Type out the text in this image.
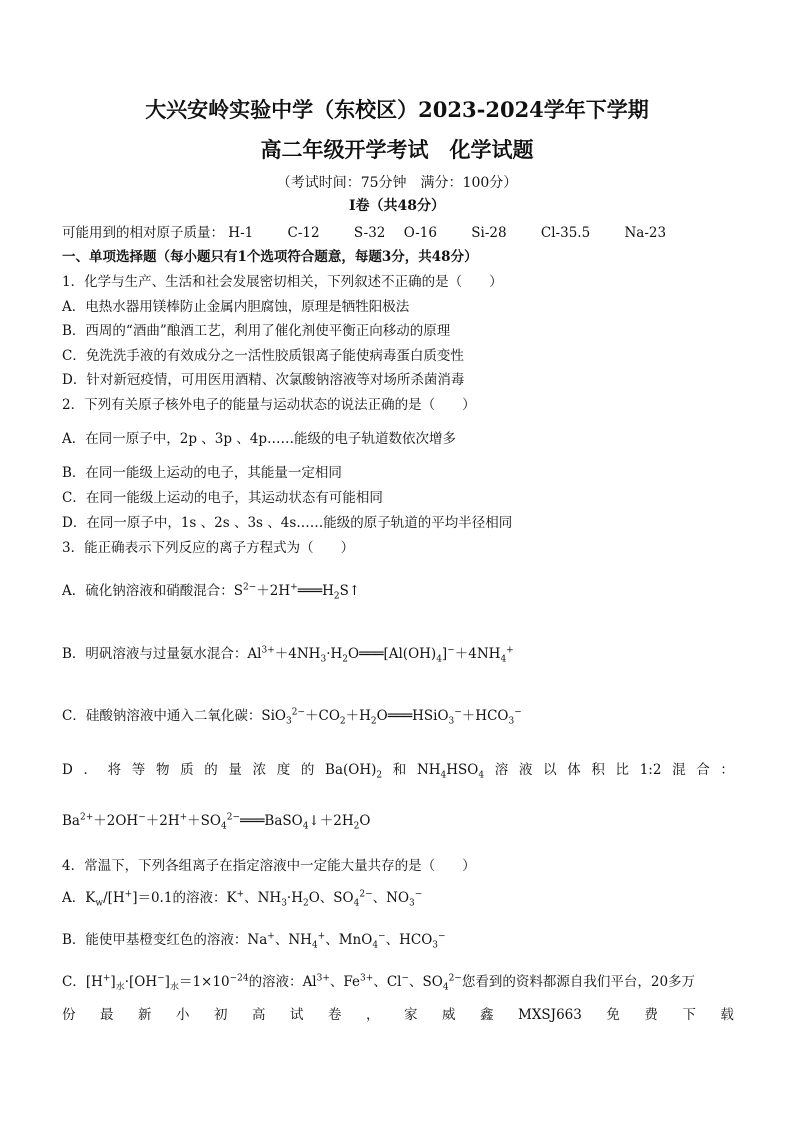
大兴安岭实验中学（东校区）2023-2024学年下学期
高二年级开学考试　化学试题
（考试时间：75分钟　满分：100分）
I卷（共48分）
可能用到的相对原子质量： H-1	C-12	S-32 O-16	Si-28	Cl-35.5	Na-23
一、单项选择题（每小题只有1个选项符合题意，每题3分，共48分）
1．化学与生产、生活和社会发展密切相关，下列叙述不正确的是（　　）
A．电热水器用镁棒防止金属内胆腐蚀，原理是牺牲阳极法
B．西周的“酒曲”酿酒工艺，利用了催化剂使平衡正向移动的原理
C．免洗洗手液的有效成分之一活性胶质银离子能使病毒蛋白质变性
D．针对新冠疫情，可用医用酒精、次氯酸钠溶液等对场所杀菌消毒
2．下列有关原子核外电子的能量与运动状态的说法正确的是（　　）
A．在同一原子中，2p 、3p 、4p……能级的电子轨道数依次增多
B．在同一能级上运动的电子，其能量一定相同
C．在同一能级上运动的电子，其运动状态有可能相同
D．在同一原子中，1s 、2s 、3s 、4s……能级的原子轨道的平均半径相同
3．能正确表示下列反应的离子方程式为（　　）
A．硫化钠溶液和硝酸混合：$S^{2-}+2H^+═══H_2S↑$
B．明矾溶液与过量氨水混合：$Al^{3+}+4NH_3\cdot H_2O═══[Al(OH)_4]^-+4NH_4^+$
C．硅酸钠溶液中通入二氧化碳：$SiO_3^{2-}+CO_2+H_2O═══HSiO_3^-+HCO_3^-$
D ． 将 等 物 质 的 量 浓 度 的 $Ba(OH)_2$ 和 $NH_4HSO_4$ 溶 液 以 体 积 比 1:2 混 合 ：
$Ba^{2+}+2OH^-+2H^++SO_4^{2-}═══BaSO_4↓+2H_2O$
4．常温下，下列各组离子在指定溶液中一定能大量共存的是（　　）
A．$K_w/[H^+]=0.1$的溶液：K+、$NH_3\cdot H_2O$、$SO_4^{2-}$、$NO_3^-$
B．能使甲基橙变红色的溶液：Na+、$NH_4^+$、MnO$_4$−、$HCO_3^-$
C．$[H^+]_水\cdot[OH^-]_水=1\times 10^{-24}$的溶液：$Al^{3+}$、$Fe^{3+}$、Cl−、$SO_4^{2-}$您看到的资料都源自我们平台，20多万
份 最 新 小 初 高 试 卷 ， 家 威 鑫 MXSJ663 免 费 下 载
